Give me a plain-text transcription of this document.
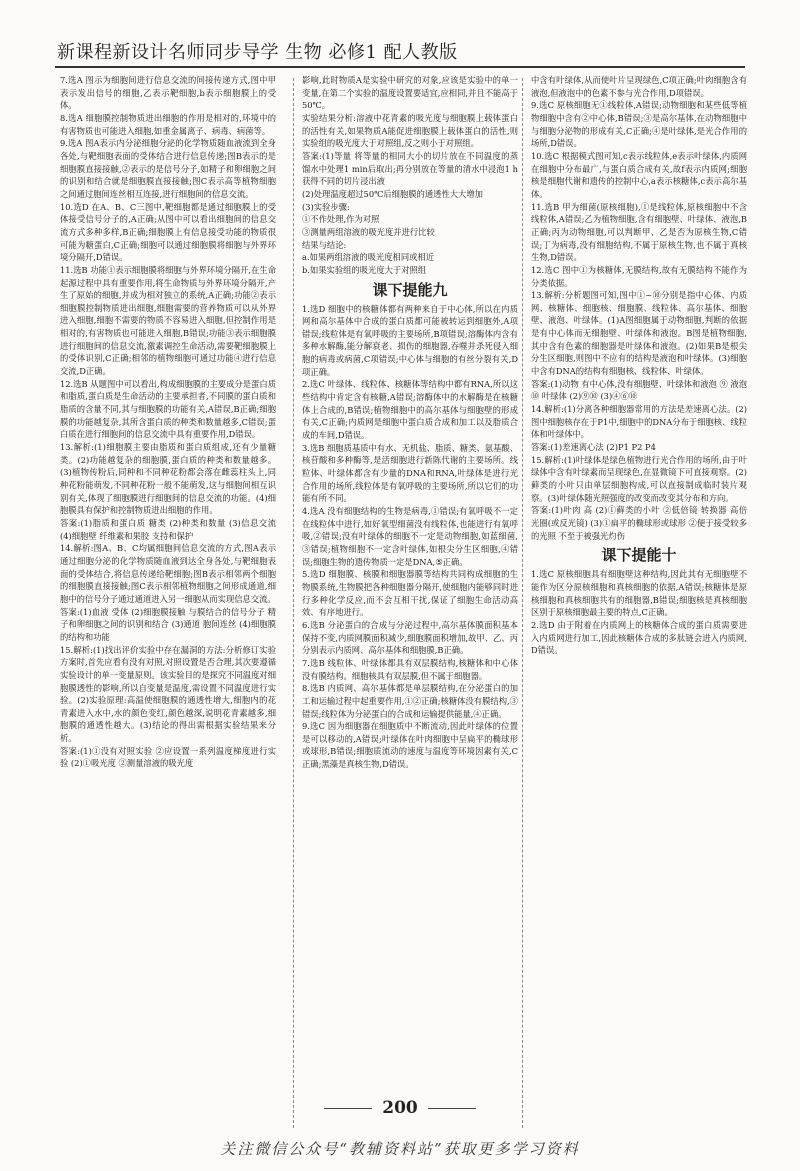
新课程新设计名师同步导学 生物 必修1 配人教版

7.选A 图示为细胞间进行信息交流的间接传递方式,图中甲表示发出信号的细胞,乙表示靶细胞,b表示细胞膜上的受体。

8.选A 细胞膜控制物质进出细胞的作用是相对的,环境中的有害物质也可能进入细胞,如重金属离子、病毒、病菌等。

9.选A 图A表示内分泌细胞分泌的化学物质随血液流到全身各处,与靶细胞表面的受体结合进行信息传递;图B表示的是细胞膜直接接触,②表示的是信号分子,如精子和卵细胞之间的识别和结合就是细胞膜直接接触;图C表示高等植物细胞之间通过胞间连丝相互连接,进行细胞间的信息交流。

10.选D 在A、B、C三图中,靶细胞都是通过细胞膜上的受体接受信号分子的,A正确;从图中可以看出细胞间的信息交流方式多种多样,B正确;细胞膜上有信息接受功能的物质很可能为糖蛋白,C正确;细胞可以通过细胞膜将细胞与外界环境分隔开,D错误。

11.选B 功能①表示细胞膜将细胞与外界环境分隔开,在生命起源过程中具有重要作用,将生命物质与外界环境分隔开,产生了原始的细胞,并成为相对独立的系统,A正确;功能②表示细胞膜控制物质进出细胞,细胞需要的营养物质可以从外界进入细胞,细胞不需要的物质不容易进入细胞,但控制作用是相对的,有害物质也可能进入细胞,B错误;功能③表示细胞膜进行细胞间的信息交流,激素调控生命活动,需要靶细胞膜上的受体识别,C正确;相邻的植物细胞可通过功能④进行信息交流,D正确。

12.选B 从题图中可以看出,构成细胞膜的主要成分是蛋白质和脂质,蛋白质是生命活动的主要承担者,不同膜的蛋白质和脂质的含量不同,其与细胞膜的功能有关,A错误,B正确;细胞膜的功能越复杂,其所含蛋白质的种类和数量越多,C错误;蛋白质在进行细胞间的信息交流中具有重要作用,D错误。

13.解析:(1)细胞膜主要由脂质和蛋白质组成,还有少量糖类。(2)功能越复杂的细胞膜,蛋白质的种类和数量越多。(3)植物传粉后,同种和不同种花粉都会落在雌蕊柱头上,同种花粉能萌发,不同种花粉一般不能萌发,这与细胞间相互识别有关,体现了细胞膜进行细胞间的信息交流的功能。(4)细胞膜具有保护和控制物质进出细胞的作用。

答案:(1)脂质和蛋白质 糖类 (2)种类和数量 (3)信息交流 (4)细胞壁 纤维素和果胶 支持和保护

14.解析:图A、B、C均属细胞间信息交流的方式,图A表示通过细胞分泌的化学物质随血液到达全身各处,与靶细胞表面的受体结合,将信息传递给靶细胞;图B表示相邻两个细胞的细胞膜直接接触;图C表示相邻植物细胞之间形成通道,细胞中的信号分子通过通道进入另一细胞从而实现信息交流。

答案:(1)血液 受体 (2)细胞膜接触 与膜结合的信号分子 精子和卵细胞之间的识别和结合 (3)通道 胞间连丝 (4)细胞膜的结构和功能

15.解析:(1)找出评价实验中存在漏洞的方法:分析修订实验方案时,首先应看有没有对照,对照设置是否合理,其次要遵循实验设计的单一变量原则。该实验目的是探究不同温度对细胞膜透性的影响,所以自变量是温度,需设置不同温度进行实验。(2)实验原理:高温使细胞膜的通透性增大,细胞内的花青素进入水中,水的颜色变红,颜色越深,说明花青素越多,细胞膜的通透性越大。(3)结论的得出需根据实验结果来分析。

答案:(1)①没有对照实验 ②应设置一系列温度梯度进行实验 (2)①吸光度 ②测量溶液的吸光度

影响,此时物质A是实验中研究的对象,应该是实验中的单一变量,在第二个实验的温度设置要适宜,应相同,并且不能高于50℃。

实验结果分析:溶液中花青素的吸光度与细胞膜上载体蛋白的活性有关,如果物质A能促进细胞膜上载体蛋白的活性,则实验组的吸光度大于对照组,反之则小于对照组。

答案:(1)等量 将等量的相同大小的切片放在不同温度的蒸馏水中处理1 min后取出;再分别放在等量的清水中浸泡1 h获得不同的切片浸出液

(2)处理温度超过50℃后细胞膜的通透性大大增加

(3)实验步骤:

①不作处理,作为对照

③测量两组溶液的吸光度并进行比较

结果与结论:

a.如果两组溶液的吸光度相同或相近

b.如果实验组的吸光度大于对照组

课下提能九

1.选D 细胞中的核糖体都有两种来自于中心体,所以在内质网和高尔基体中合成的蛋白质都可能被转运到细胞外,A项错误;线粒体是有氧呼吸的主要场所,B项错误;溶酶体内含有多种水解酶,能分解衰老、损伤的细胞器,吞噬并杀死侵入细胞的病毒或病菌,C项错误;中心体与细胞的有丝分裂有关,D项正确。

2.选C 叶绿体、线粒体、核糖体等结构中都有RNA,所以这些结构中肯定含有核糖,A错误;溶酶体中的水解酶是在核糖体上合成的,B错误;植物细胞中的高尔基体与细胞壁的形成有关,C正确;内质网是细胞中蛋白质合成和加工以及脂质合成的车间,D错误。

3.选B 细胞质基质中有水、无机盐、脂质、糖类、氨基酸、核苷酸和多种酶等,是活细胞进行新陈代谢的主要场所。线粒体、叶绿体都含有少量的DNA和RNA,叶绿体是进行光合作用的场所,线粒体是有氧呼吸的主要场所,所以它们的功能有所不同。

4.选A 没有细胞结构的生物是病毒,①错误;有氧呼吸不一定在线粒体中进行,如好氧型细菌没有线粒体,也能进行有氧呼吸,②错误;没有叶绿体的细胞不一定是动物细胞,如蓝细菌,③错误;植物细胞不一定含叶绿体,如根尖分生区细胞,④错误;细胞生物的遗传物质一定是DNA,⑤正确。

5.选D 细胞膜、核膜和细胞器膜等结构共同构成细胞的生物膜系统,生物膜把各种细胞器分隔开,使细胞内能够同时进行多种化学反应,而不会互相干扰,保证了细胞生命活动高效、有序地进行。

6.选B 分泌蛋白的合成与分泌过程中,高尔基体膜面积基本保持不变,内质网膜面积减少,细胞膜面积增加,故甲、乙、丙分别表示内质网、高尔基体和细胞膜,B正确。

7.选B 线粒体、叶绿体都具有双层膜结构,核糖体和中心体没有膜结构。细胞核具有双层膜,但不属于细胞器。

8.选B 内质网、高尔基体都是单层膜结构,在分泌蛋白的加工和运输过程中起重要作用,①②正确;核糖体没有膜结构,③错误;线粒体为分泌蛋白的合成和运输提供能量,④正确。

9.选C 因为细胞器在细胞质中不断流动,因此叶绿体的位置是可以移动的,A错误;叶绿体在叶肉细胞中呈扁平的椭球形或球形,B错误;细胞质流动的速度与温度等环境因素有关,C正确;黑藻是真核生物,D错误。

中含有叶绿体,从而使叶片呈现绿色,C项正确;叶肉细胞含有液泡,但液泡中的色素不参与光合作用,D项错误。

9.选C 原核细胞无①线粒体,A错误;动物细胞和某些低等植物细胞中含有②中心体,B错误;③是高尔基体,在动物细胞中与细胞分泌物的形成有关,C正确;④是叶绿体,是光合作用的场所,D错误。

10.选C 根据模式图可知,c表示线粒体,e表示叶绿体,内质网在细胞中分布最广,与蛋白质合成有关,故f表示内质网;细胞核是细胞代谢和遗传的控制中心,a表示核糖体,c表示高尔基体。

11.选B 甲为细菌(原核细胞),①是线粒体,原核细胞中不含线粒体,A错误;乙为植物细胞,含有细胞壁、叶绿体、液泡,B正确;丙为动物细胞,可以判断甲、乙是否为原核生物,C错误;丁为病毒,没有细胞结构,不属于原核生物,也不属于真核生物,D错误。

12.选C 图中①为核糖体,无膜结构,故有无膜结构不能作为分类依据。

13.解析:分析题图可知,图中①~⑩分别是指中心体、内质网、核糖体、细胞核、细胞膜、线粒体、高尔基体、细胞壁、液泡、叶绿体。(1)A图细胞属于动物细胞,判断的依据是有中心体而无细胞壁、叶绿体和液泡。B图是植物细胞,其中含有色素的细胞器是叶绿体和液泡。(2)如果B是根尖分生区细胞,则图中不应有的结构是液泡和叶绿体。(3)细胞中含有DNA的结构有细胞核、线粒体、叶绿体。

答案:(1)动物 有中心体,没有细胞壁、叶绿体和液泡 ⑨ 液泡 ⑩ 叶绿体 (2)⑨⑩ (3)④⑥⑩

14.解析:(1)分离各种细胞器常用的方法是差速离心法。(2)图中细胞核存在于P1中,细胞中的DNA分布于细胞核、线粒体和叶绿体中。

答案:(1)差速离心法 (2)P1 P2 P4

15.解析:(1)叶绿体是绿色植物进行光合作用的场所,由于叶绿体中含有叶绿素而呈现绿色,在显微镜下可直接观察。(2)藓类的小叶只由单层细胞构成,可以直接制成临时装片观察。(3)叶绿体随光照强度的改变而改变其分布和方向。

答案:(1)叶肉 高 (2)①藓类的小叶 ②低倍镜 转换器 高倍 光圈(或反光镜) (3)①扁平的椭球形或球形 ②便于接受较多的光照 不至于被强光灼伤

课下提能十

1.选C 原核细胞具有细胞壁这种结构,因此其有无细胞壁不能作为区分原核细胞和真核细胞的依据,A错误;核糖体是原核细胞和真核细胞共有的细胞器,B错误;细胞核是真核细胞区别于原核细胞最主要的特点,C正确。

2.选D 由于附着在内质网上的核糖体合成的蛋白质需要进入内质网进行加工,因此核糖体合成的多肽链会进入内质网,D错误。

200
关注微信公众号“教辅资料站”获取更多学习资料
